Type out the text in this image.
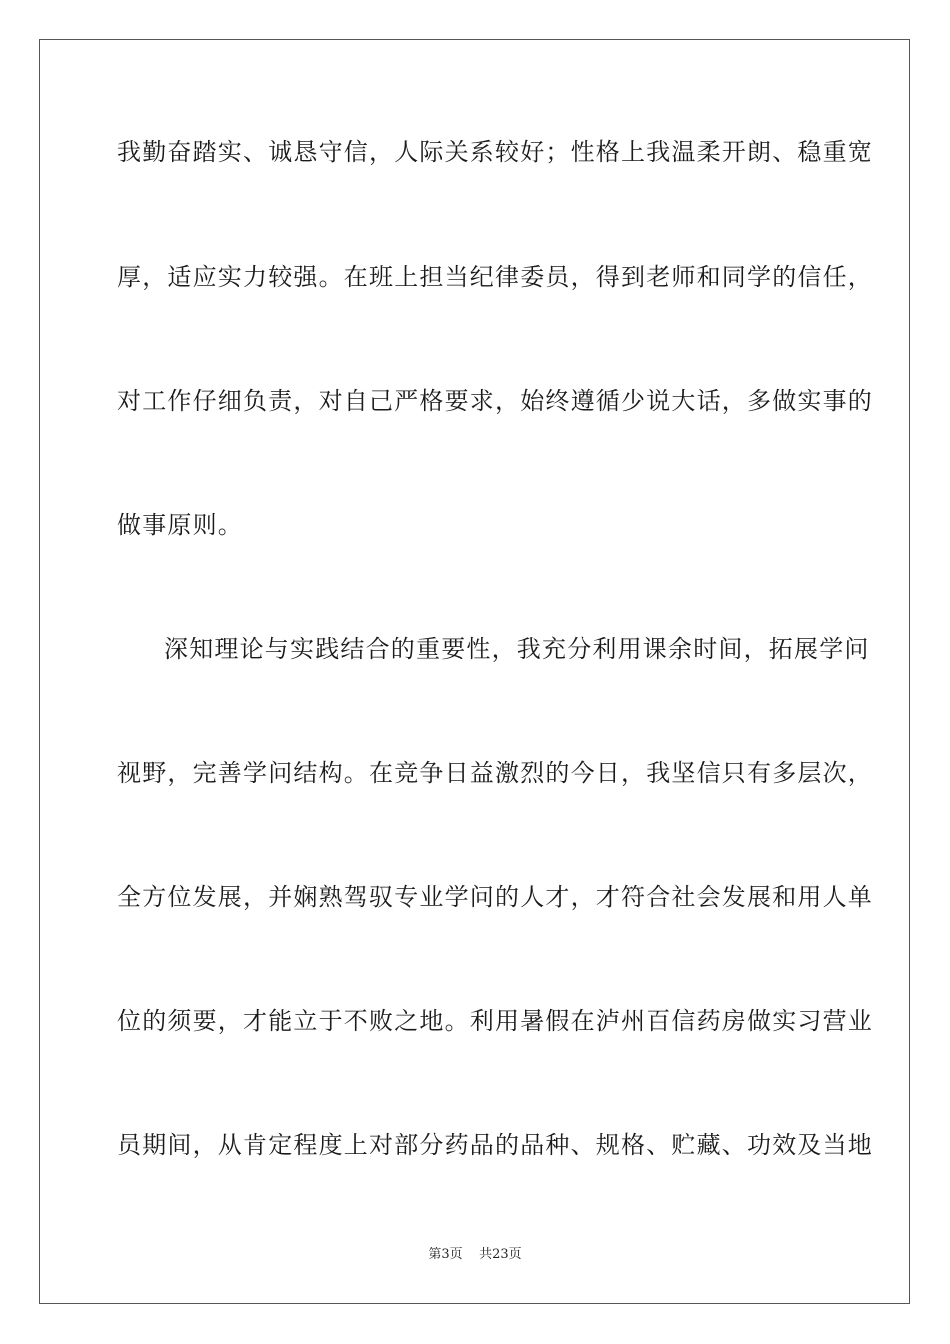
我勤奋踏实、诚恳守信，人际关系较好；性格上我温柔开朗、稳重宽
厚，适应实力较强。在班上担当纪律委员，得到老师和同学的信任，
对工作仔细负责，对自己严格要求，始终遵循少说大话，多做实事的
做事原则。
深知理论与实践结合的重要性，我充分利用课余时间，拓展学问
视野，完善学问结构。在竞争日益激烈的今日，我坚信只有多层次，
全方位发展，并娴熟驾驭专业学问的人才，才符合社会发展和用人单
位的须要，才能立于不败之地。利用暑假在泸州百信药房做实习营业
员期间，从肯定程度上对部分药品的品种、规格、贮藏、功效及当地
第3页 共23页
